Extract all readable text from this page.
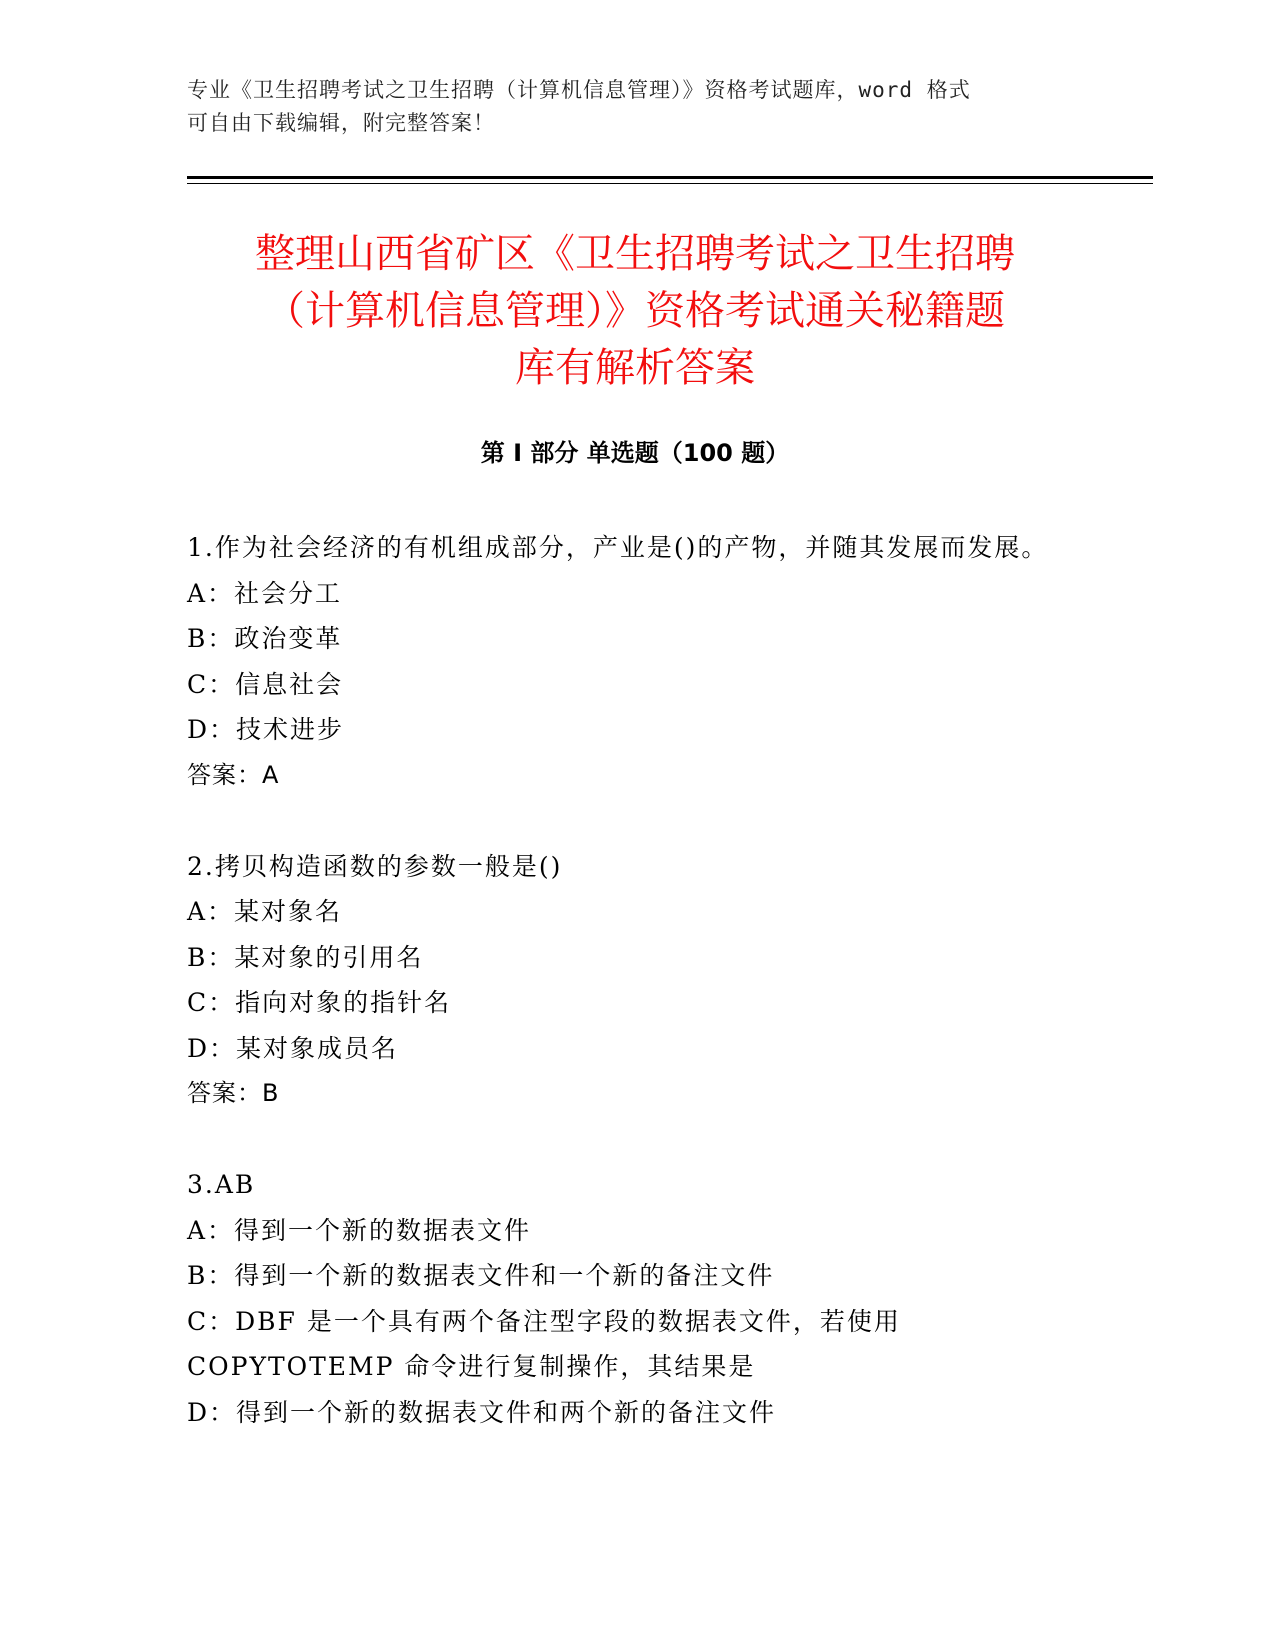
专业《卫生招聘考试之卫生招聘（计算机信息管理）》资格考试题库，word 格式

可自由下载编辑，附完整答案！

整理山西省矿区《卫生招聘考试之卫生招聘

（计算机信息管理）》资格考试通关秘籍题

库有解析答案

第 I 部分 单选题（100 题）

1.作为社会经济的有机组成部分，产业是()的产物，并随其发展而发展。

A：社会分工

B：政治变革

C：信息社会

D：技术进步

答案：A

2.拷贝构造函数的参数一般是()

A：某对象名

B：某对象的引用名

C：指向对象的指针名

D：某对象成员名

答案：B

3.AB

A：得到一个新的数据表文件

B：得到一个新的数据表文件和一个新的备注文件

C：DBF 是一个具有两个备注型字段的数据表文件，若使用 COPYTOTEMP 命令进行复制操作，其结果是

D：得到一个新的数据表文件和两个新的备注文件
